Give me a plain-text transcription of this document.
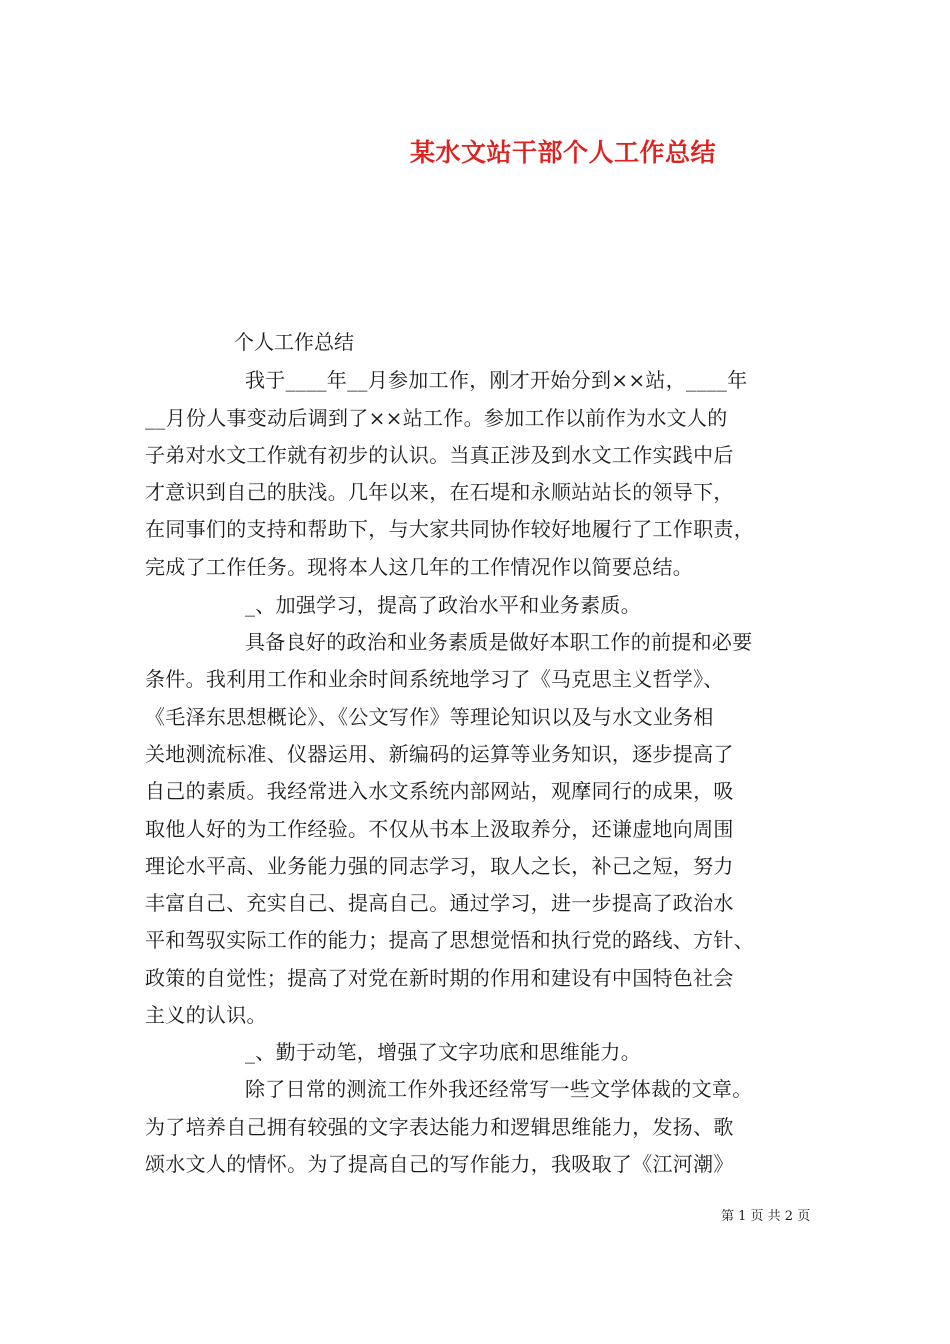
某水文站干部个人工作总结

个人工作总结

我于____年__月参加工作，刚才开始分到××站，____年

__月份人事变动后调到了××站工作。参加工作以前作为水文人的

子弟对水文工作就有初步的认识。当真正涉及到水文工作实践中后

才意识到自己的肤浅。几年以来，在石堤和永顺站站长的领导下，

在同事们的支持和帮助下，与大家共同协作较好地履行了工作职责，

完成了工作任务。现将本人这几年的工作情况作以简要总结。

_、加强学习，提高了政治水平和业务素质。

具备良好的政治和业务素质是做好本职工作的前提和必要

条件。我利用工作和业余时间系统地学习了《马克思主义哲学》、

《毛泽东思想概论》、《公文写作》等理论知识以及与水文业务相

关地测流标准、仪器运用、新编码的运算等业务知识，逐步提高了

自己的素质。我经常进入水文系统内部网站，观摩同行的成果，吸

取他人好的为工作经验。不仅从书本上汲取养分，还谦虚地向周围

理论水平高、业务能力强的同志学习，取人之长，补己之短，努力

丰富自己、充实自己、提高自己。通过学习，进一步提高了政治水

平和驾驭实际工作的能力；提高了思想觉悟和执行党的路线、方针、

政策的自觉性；提高了对党在新时期的作用和建设有中国特色社会

主义的认识。

_、勤于动笔，增强了文字功底和思维能力。

除了日常的测流工作外我还经常写一些文学体裁的文章。

为了培养自己拥有较强的文字表达能力和逻辑思维能力，发扬、歌

颂水文人的情怀。为了提高自己的写作能力，我吸取了《江河潮》

第 1 页 共 2 页
